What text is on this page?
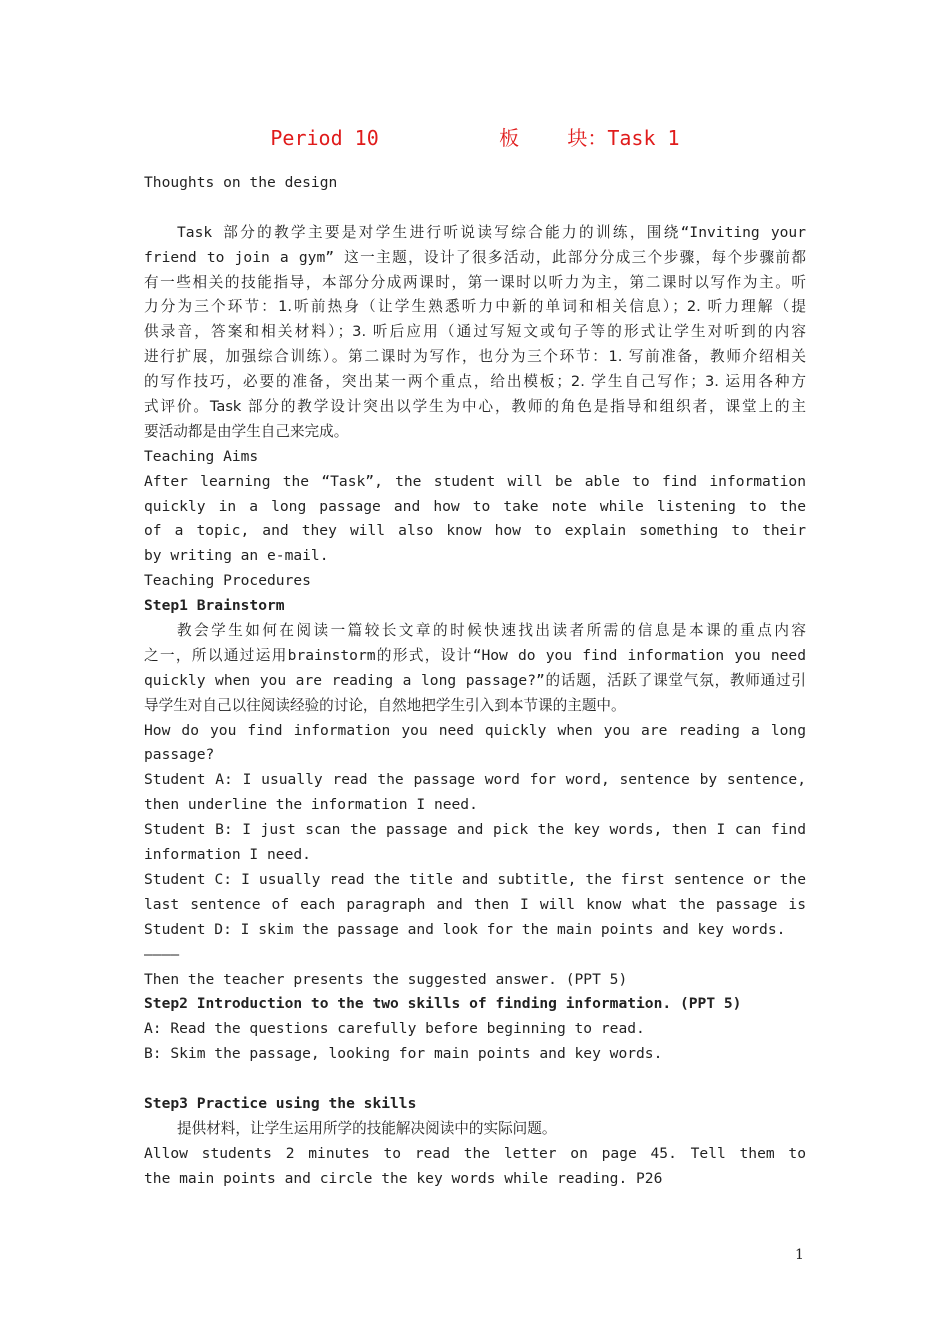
Period 10          板    块：Task 1
Thoughts on the design
Task 部分的教学主要是对学生进行听说读写综合能力的训练，围绕“Inviting your
friend to join a gym” 这一主题，设计了很多活动，此部分分成三个步骤，每个步骤前都
有一些相关的技能指导，本部分分成两课时，第一课时以听力为主，第二课时以写作为主。听
力分为三个环节：1.听前热身（让学生熟悉听力中新的单词和相关信息）；2. 听力理解（提
供录音，答案和相关材料）；3. 听后应用（通过写短文或句子等的形式让学生对听到的内容
进行扩展，加强综合训练）。第二课时为写作，也分为三个环节：1. 写前准备，教师介绍相关
的写作技巧，必要的准备，突出某一两个重点，给出模板；2. 学生自己写作；3. 运用各种方
式评价。Task 部分的教学设计突出以学生为中心，教师的角色是指导和组织者，课堂上的主
要活动都是由学生自己来完成。
Teaching Aims
After learning the “Task”, the student will be able to find information
quickly in a long passage and how to take note while listening to the
of a topic, and they will also know how to explain something to their
by writing an e-mail.
Teaching Procedures
Step1 Brainstorm
教会学生如何在阅读一篇较长文章的时候快速找出读者所需的信息是本课的重点内容
之一，所以通过运用brainstorm的形式，设计“How do you find information you need
quickly when you are reading a long passage?”的话题，活跃了课堂气氛，教师通过引
导学生对自己以往阅读经验的讨论，自然地把学生引入到本节课的主题中。
How do you find information you need quickly when you are reading a long
passage?
Student A: I usually read the passage word for word, sentence by sentence,
then underline the information I need.
Student B: I just scan the passage and pick the key words, then I can find
information I need.
Student C: I usually read the title and subtitle, the first sentence or the
last sentence of each paragraph and then I will know what the passage is
Student D: I skim the passage and look for the main points and key words.
————
Then the teacher presents the suggested answer. (PPT 5)
Step2 Introduction to the two skills of finding information. (PPT 5)
A: Read the questions carefully before beginning to read.
B: Skim the passage, looking for main points and key words.
Step3 Practice using the skills
提供材料，让学生运用所学的技能解决阅读中的实际问题。
Allow students 2 minutes to read the letter on page 45. Tell them to
the main points and circle the key words while reading. P26
1
